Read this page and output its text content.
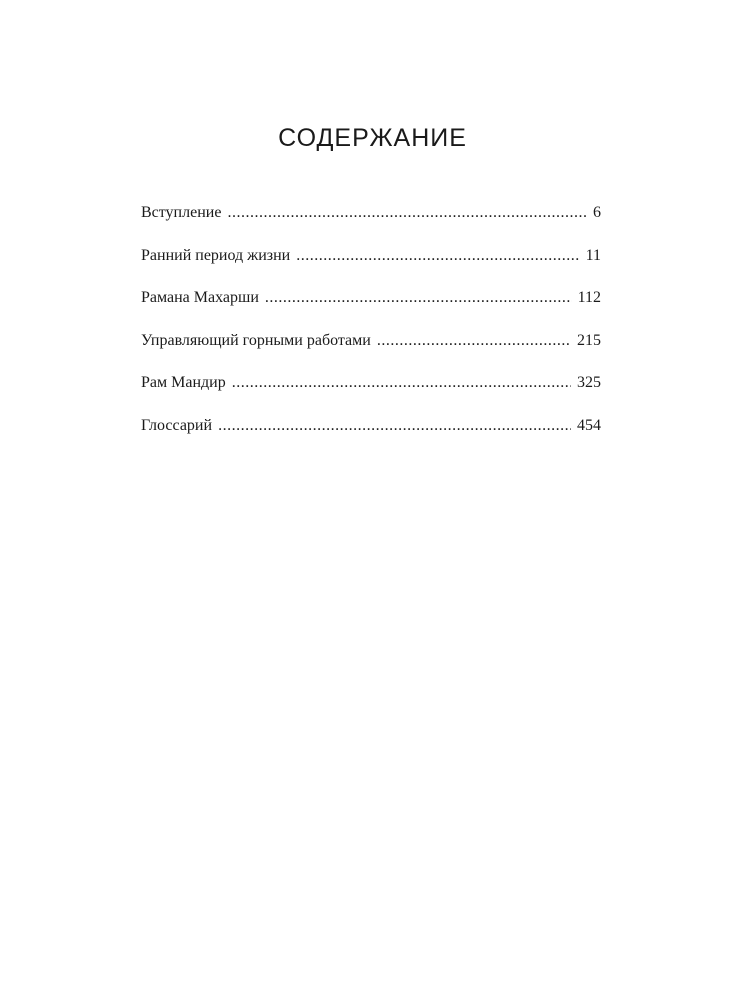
СОДЕРЖАНИЕ
Вступление .....	6
Ранний период жизни .....	11
Рамана Махарши .....	112
Управляющий горными работами .....	215
Рам Мандир .....	325
Глоссарий .....	454
